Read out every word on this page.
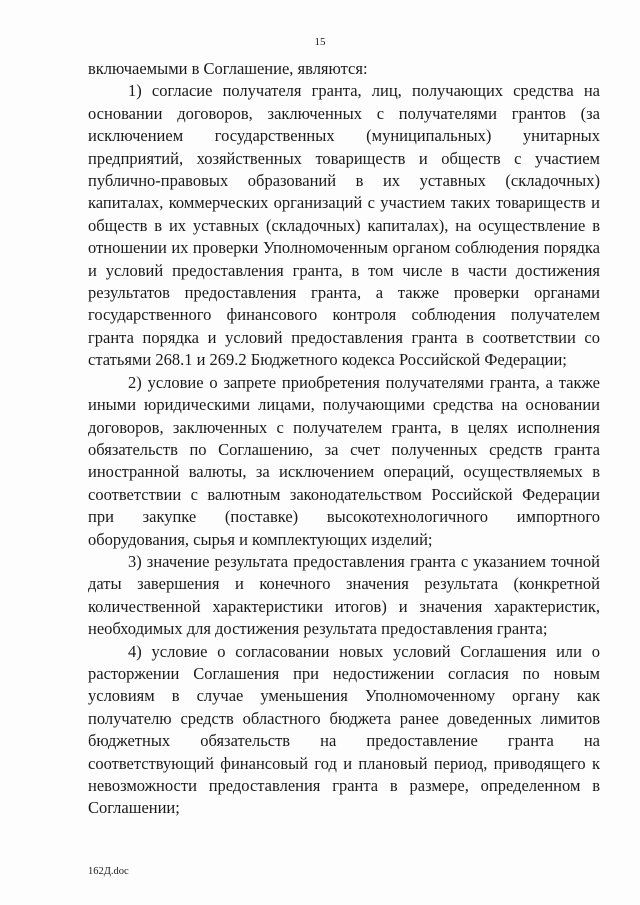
15

включаемыми в Соглашение, являются:

1) согласие получателя гранта, лиц, получающих средства на основании договоров, заключенных с получателями грантов (за исключением государственных (муниципальных) унитарных предприятий, хозяйственных товариществ и обществ с участием публично-правовых образований в их уставных (складочных) капиталах, коммерческих организаций с участием таких товариществ и обществ в их уставных (складочных) капиталах), на осуществление в отношении их проверки Уполномоченным органом соблюдения порядка и условий предоставления гранта, в том числе в части достижения результатов предоставления гранта, а также проверки органами государственного финансового контроля соблюдения получателем гранта порядка и условий предоставления гранта в соответствии со статьями 268.1 и 269.2 Бюджетного кодекса Российской Федерации;

2) условие о запрете приобретения получателями гранта, а также иными юридическими лицами, получающими средства на основании договоров, заключенных с получателем гранта, в целях исполнения обязательств по Соглашению, за счет полученных средств гранта иностранной валюты, за исключением операций, осуществляемых в соответствии с валютным законодательством Российской Федерации при закупке (поставке) высокотехнологичного импортного оборудования, сырья и комплектующих изделий;

3) значение результата предоставления гранта с указанием точной даты завершения и конечного значения результата (конкретной количественной характеристики итогов) и значения характеристик, необходимых для достижения результата предоставления гранта;

4) условие о согласовании новых условий Соглашения или о расторжении Соглашения при недостижении согласия по новым условиям в случае уменьшения Уполномоченному органу как получателю средств областного бюджета ранее доведенных лимитов бюджетных обязательств на предоставление гранта на соответствующий финансовый год и плановый период, приводящего к невозможности предоставления гранта в размере, определенном в Соглашении;

162Д.doc
